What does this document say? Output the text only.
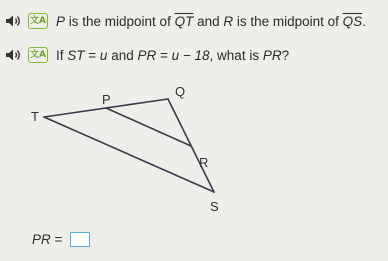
文A P is the midpoint of $\overline{QT}$ and R is the midpoint of $\overline{QS}$ .
文A If ST = u and PR = u − 18 , what is PR ?
Q
P
T
R
S
PR =
